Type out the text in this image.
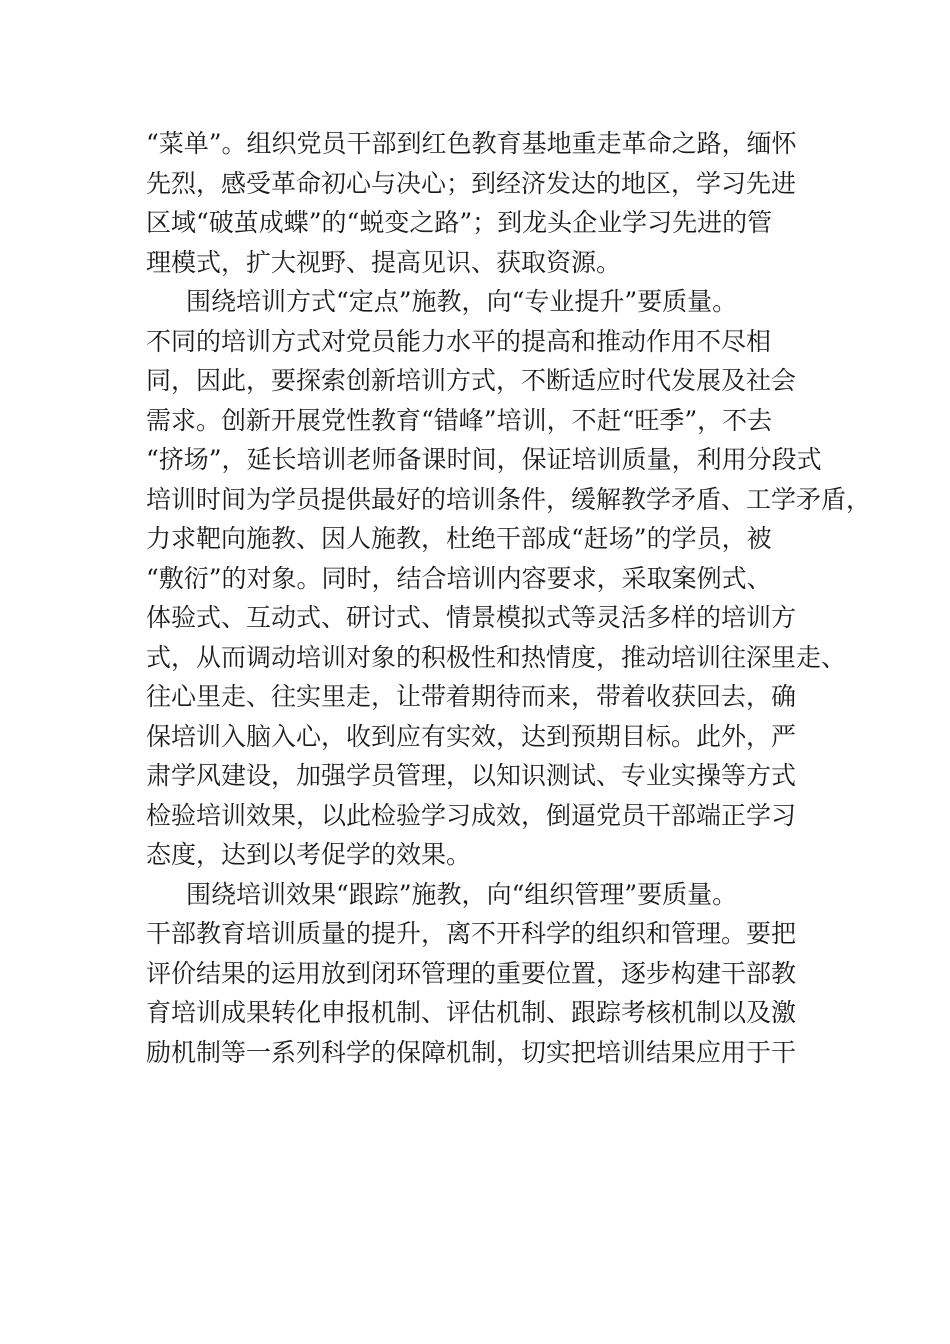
“菜单”。组织党员干部到红色教育基地重走革命之路，缅怀
先烈，感受革命初心与决心；到经济发达的地区，学习先进
区域“破茧成蝶”的“蜕变之路”；到龙头企业学习先进的管
理模式，扩大视野、提高见识、获取资源。
围绕培训方式“定点”施教，向“专业提升”要质量。
不同的培训方式对党员能力水平的提高和推动作用不尽相
同，因此，要探索创新培训方式，不断适应时代发展及社会
需求。创新开展党性教育“错峰”培训，不赶“旺季”，不去
“挤场”，延长培训老师备课时间，保证培训质量，利用分段式
培训时间为学员提供最好的培训条件，缓解教学矛盾、工学矛盾，
力求靶向施教、因人施教，杜绝干部成“赶场”的学员，被
“敷衍”的对象。同时，结合培训内容要求，采取案例式、
体验式、互动式、研讨式、情景模拟式等灵活多样的培训方
式，从而调动培训对象的积极性和热情度，推动培训往深里走、
往心里走、往实里走，让带着期待而来，带着收获回去，确
保培训入脑入心，收到应有实效，达到预期目标。此外，严
肃学风建设，加强学员管理，以知识测试、专业实操等方式
检验培训效果，以此检验学习成效，倒逼党员干部端正学习
态度，达到以考促学的效果。
围绕培训效果“跟踪”施教，向“组织管理”要质量。
干部教育培训质量的提升，离不开科学的组织和管理。要把
评价结果的运用放到闭环管理的重要位置，逐步构建干部教
育培训成果转化申报机制、评估机制、跟踪考核机制以及激
励机制等一系列科学的保障机制，切实把培训结果应用于干
